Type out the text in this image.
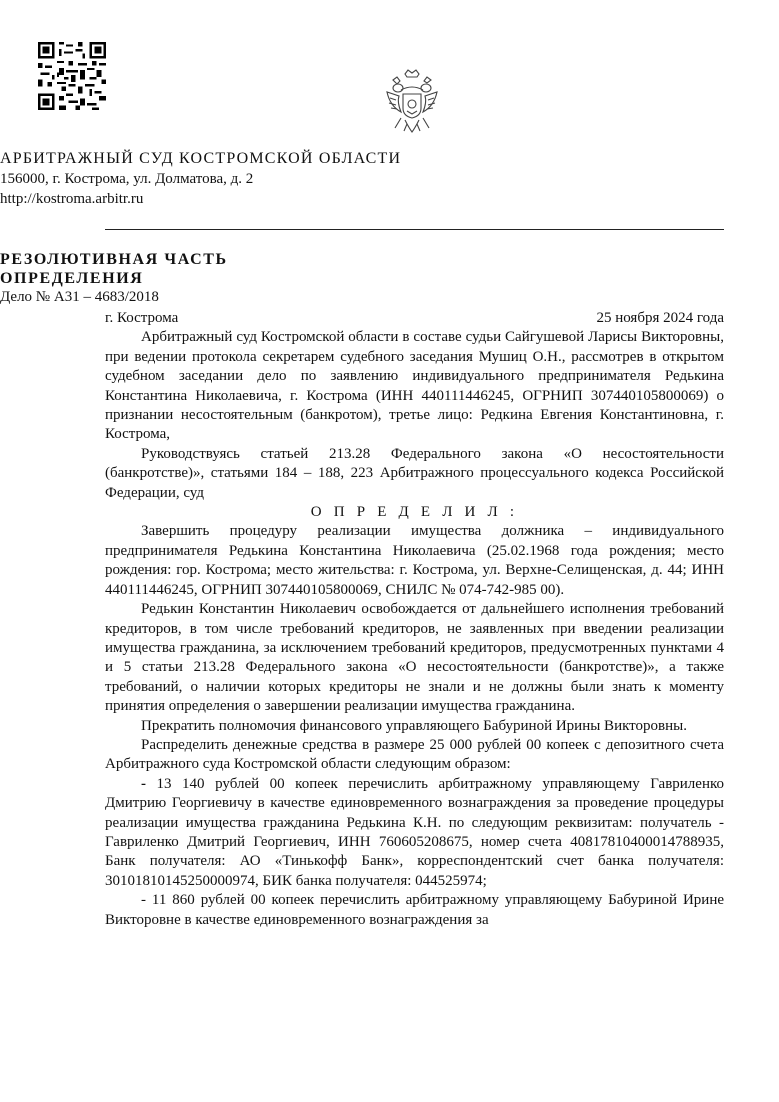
АРБИТРАЖНЫЙ СУД КОСТРОМСКОЙ ОБЛАСТИ

156000, г. Кострома, ул. Долматова, д. 2

http://kostroma.arbitr.ru

РЕЗОЛЮТИВНАЯ ЧАСТЬ

ОПРЕДЕЛЕНИЯ

Дело № А31 – 4683/2018

г. Кострома	25 ноября 2024 года

Арбитражный суд Костромской области в составе судьи Сайгушевой Ларисы Викторовны, при ведении протокола секретарем судебного заседания Мушиц О.Н., рассмотрев в открытом судебном заседании дело по заявлению индивидуального предпринимателя Редькина Константина Николаевича, г. Кострома (ИНН 440111446245, ОГРНИП 307440105800069) о признании несостоятельным (банкротом), третье лицо: Редкина Евгения Константиновна, г. Кострома,

Руководствуясь статьей 213.28 Федерального закона «О несостоятельности (банкротстве)», статьями 184 – 188, 223 Арбитражного процессуального кодекса Российской Федерации, суд

О П Р Е Д Е Л И Л :

Завершить процедуру реализации имущества должника – индивидуального предпринимателя Редькина Константина Николаевича (25.02.1968 года рождения; место рождения: гор. Кострома; место жительства: г. Кострома, ул. Верхне-Селищенская, д. 44; ИНН 440111446245, ОГРНИП 307440105800069, СНИЛС № 074-742-985 00).

Редькин Константин Николаевич освобождается от дальнейшего исполнения требований кредиторов, в том числе требований кредиторов, не заявленных при введении реализации имущества гражданина, за исключением требований кредиторов, предусмотренных пунктами 4 и 5 статьи 213.28 Федерального закона «О несостоятельности (банкротстве)», а также требований, о наличии которых кредиторы не знали и не должны были знать к моменту принятия определения о завершении реализации имущества гражданина.

Прекратить полномочия финансового управляющего Бабуриной Ирины Викторовны.

Распределить денежные средства в размере 25 000 рублей 00 копеек с депозитного счета Арбитражного суда Костромской области следующим образом:

- 13 140 рублей 00 копеек перечислить арбитражному управляющему Гавриленко Дмитрию Георгиевичу в качестве единовременного вознаграждения за проведение процедуры реализации имущества гражданина Редькина К.Н. по следующим реквизитам: получатель - Гавриленко Дмитрий Георгиевич, ИНН 760605208675, номер счета 40817810400014788935, Банк получателя: АО «Тинькофф Банк», корреспондентский счет банка получателя: 30101810145250000974, БИК банка получателя: 044525974;

- 11 860 рублей 00 копеек перечислить арбитражному управляющему Бабуриной Ирине Викторовне в качестве единовременного вознаграждения за
